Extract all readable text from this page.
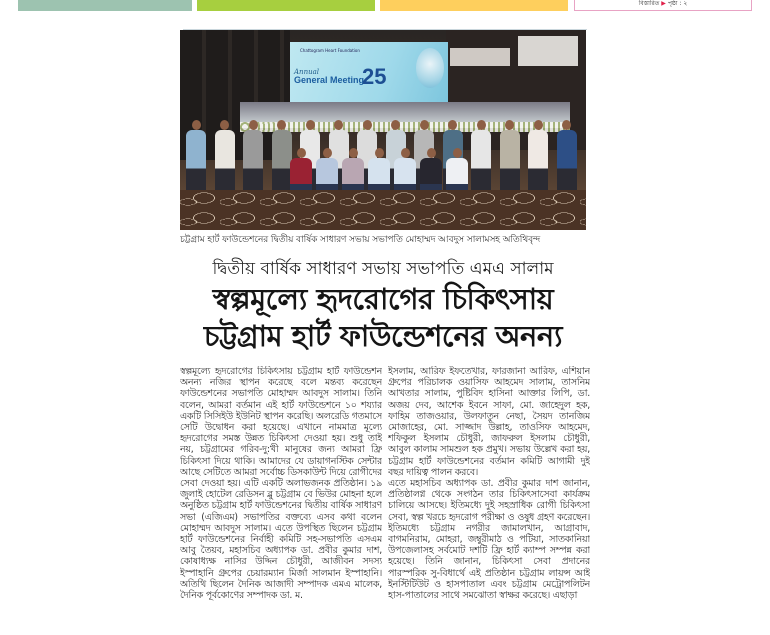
বিস্তারিত ▶ পৃষ্ঠা : ২
Chattogram Heart Foundation
Annual
General Meeting
25
চট্টগ্রাম হার্ট ফাউন্ডেশনের দ্বিতীয় বার্ষিক সাধারণ সভায় সভাপতি মোহাম্মদ আবদুস সালামসহ অতিথিবৃন্দ
দ্বিতীয় বার্ষিক সাধারণ সভায় সভাপতি এমএ সালাম
স্বল্পমূল্যে হৃদরোগের চিকিৎসায়
চট্টগ্রাম হার্ট ফাউন্ডেশনের অনন্য

স্বল্পমূল্যে হৃদরোগের চিকিৎসায় চট্টগ্রাম হার্ট ফাউন্ডেশন অনন্য নজির স্থাপন করেছে বলে মন্তব্য করেছেন ফাউন্ডেশনের সভাপতি মোহাম্মদ আবদুস সালাম। তিনি বলেন, আমরা বর্তমান এই হার্ট ফাউন্ডেশনে ১০ শয্যার একটি সিসিইউ ইউনিট স্থাপন করেছি। অলরেডি গতমাসে সেটি উদ্বোধন করা হয়েছে। এখানে নামমাত্র মূল্যে হৃদরোগের সমস্ত উন্নত চিকিৎসা দেওয়া হয়। শুধু তাই নয়, চট্টগ্রামের গরিব-দু:খী মানুষের জন্য আমরা ফ্রি চিকিৎসা দিয়ে থাকি। আমাদের যে ডায়াগনস্টিক সেন্টার আছে সেটিতে আমরা সর্বোচ্চ ডিসকাউন্ট দিয়ে রোগীদের সেবা দেওয়া হয়। এটি একটি অলাভজনক প্রতিষ্ঠান। ১৯ জুলাই হোটেল রেডিসন ব্লু চট্টগ্রাম বে ভিউর মোহনা হলে অনুষ্ঠিত চট্টগ্রাম হার্ট ফাউন্ডেশনের দ্বিতীয় বার্ষিক সাধারণ সভা (এজিএম) সভাপতির বক্তব্যে এসব কথা বলেন মোহাম্মদ আবদুস সালাম। এতে উপস্থিত ছিলেন চট্টগ্রাম হার্ট ফাউন্ডেশনের নির্বাহী কমিটি সহ-সভাপতি এসএম আবু তৈয়ব, মহাসচিব অধ্যাপক ডা. প্রবীর কুমার দাশ, কোষাধ্যক্ষ নাসির উদ্দিন চৌধুরী, আজীবন সদস্য ইস্পাহানি গ্রুপের চেয়ারম্যান মির্জা সালমান ইস্পাহানি। অতিথি ছিলেন দৈনিক আজাদী সম্পাদক এমএ মালেক, দৈনিক পূর্বকোণের সম্পাদক ডা. ম.

ইসলাম, আরিফ ইফতেখার, ফারজানা আরিফ, এশিয়ান গ্রুপের পরিচালক ওয়াসিফ আহমেদ সালাম, তাসনিম আখতার সালাম, পুষ্টিবিদ হাসিনা আক্তার লিপি, ডা. অজয় দেব, আশেক ইবনে সাফা, মো. জাহেদুল হক, ফাহিম তাজওয়ার, উলফাতুন নেছা, সৈয়দ তানজিম মোজাহের, মো. সাজ্জাদ উল্লাহ, তাওসিফ আহমেদ, শফিকুল ইসলাম চৌধুরী, জাফরুল ইসলাম চৌধুরী, আবুল কালাম সামশুল হক প্রমুখ। সভায় উল্লেখ করা হয়, চট্টগ্রাম হার্ট ফাউন্ডেশনের বর্তমান কমিটি আগামী দুই বছর দায়িত্ব পালন করবে।

এতে মহাসচিব অধ্যাপক ডা. প্রবীর কুমার দাশ জানান, প্রতিষ্ঠালগ্ন থেকে সংগঠন তার চিকিৎসাসেবা কার্যক্রম চালিয়ে আসছে। ইতিমধ্যে দুই সহস্রাধিক রোগী চিকিৎসা সেবা, স্বল্প খরচে হৃদরোগ পরীক্ষা ও ওষুধ গ্রহণ করেছেন। ইতিমধ্যে চট্টগ্রাম নগরীর জামালখান, আগ্রাবাদ, বাগমনিরাম, মোহরা, জম্বুরীমাঠ ও পটিয়া, সাতকানিয়া উপজেলাসহ সর্বমোট দশটি ফ্রি হার্ট ক্যাম্প সম্পন্ন করা হয়েছে। তিনি জানান, চিকিৎসা সেবা প্রদানের পারস্পরিক সু-বিধার্থে এই প্রতিষ্ঠান চট্টগ্রাম লায়ন্স আই ইনস্টিটিউট ও হাসপাতাল এবং চট্টগ্রাম মেট্রোপলিটন হাস-পাতালের সাথে সমঝোতা স্বাক্ষর করেছে। এছাড়া
